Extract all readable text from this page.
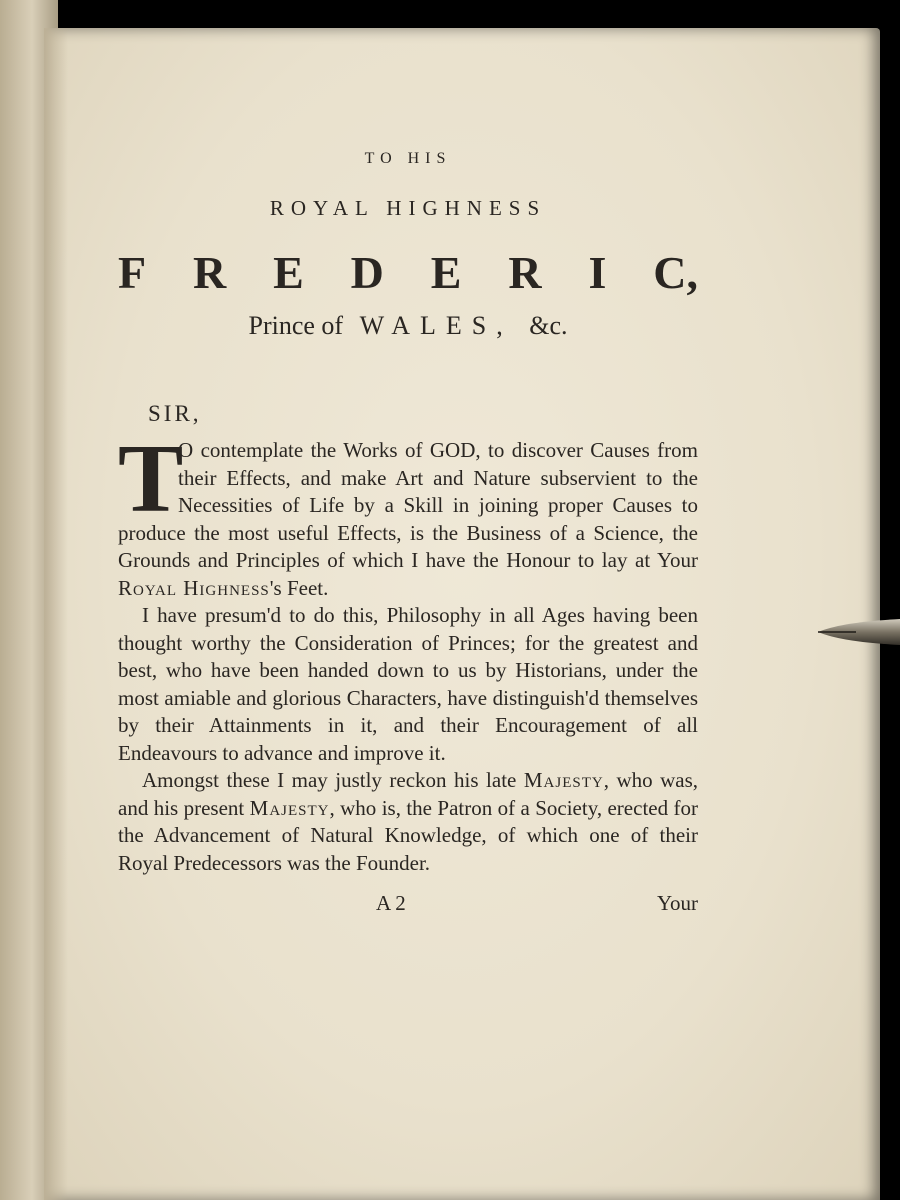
TO HIS

ROYAL HIGHNESS

F R E D E R I C,

Prince of WALES, &c.

SIR,

T
O contemplate the Works of GOD, to discover Causes from their Effects, and make Art and Nature subservient to the Necessities of Life by a Skill in joining proper Causes to produce the most useful Effects, is the Business of a Science, the Grounds and Principles of which I have the Honour to lay at Your Royal Highness's Feet.

I have presum'd to do this, Philosophy in all Ages having been thought worthy the Consideration of Princes; for the greatest and best, who have been handed down to us by Historians, under the most amiable and glorious Characters, have distinguish'd themselves by their Attainments in it, and their Encouragement of all Endeavours to advance and improve it.

Amongst these I may justly reckon his late Majesty, who was, and his present Majesty, who is, the Patron of a Society, erected for the Advancement of Natural Knowledge, of which one of their Royal Predecessors was the Founder.

A 2	Your
